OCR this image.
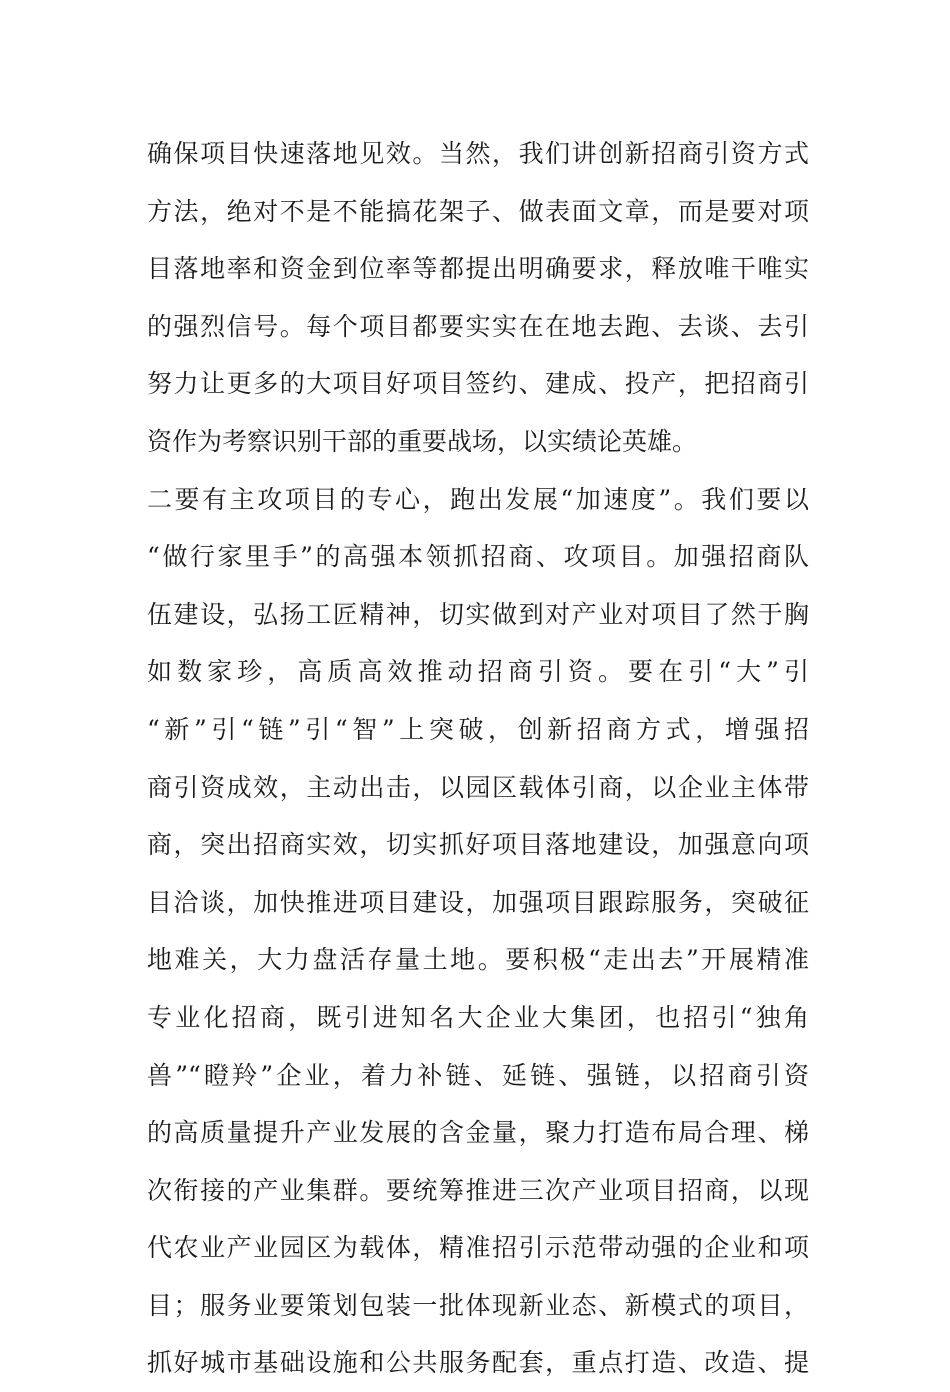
确保项目快速落地见效。当然，我们讲创新招商引资方式
方法，绝对不是不能搞花架子、做表面文章，而是要对项
目落地率和资金到位率等都提出明确要求，释放唯干唯实
的强烈信号。每个项目都要实实在在地去跑、去谈、去引
努力让更多的大项目好项目签约、建成、投产，把招商引
资作为考察识别干部的重要战场，以实绩论英雄。
二要有主攻项目的专心，跑出发展“加速度”。我们要以
“做行家里手”的高强本领抓招商、攻项目。加强招商队
伍建设，弘扬工匠精神，切实做到对产业对项目了然于胸
如数家珍，高质高效推动招商引资。要在引“大”引
“新”引“链”引“智”上突破，创新招商方式，增强招
商引资成效，主动出击，以园区载体引商，以企业主体带
商，突出招商实效，切实抓好项目落地建设，加强意向项
目洽谈，加快推进项目建设，加强项目跟踪服务，突破征
地难关，大力盘活存量土地。要积极“走出去”开展精准
专业化招商，既引进知名大企业大集团，也招引“独角
兽”“瞪羚”企业，着力补链、延链、强链，以招商引资
的高质量提升产业发展的含金量，聚力打造布局合理、梯
次衔接的产业集群。要统筹推进三次产业项目招商，以现
代农业产业园区为载体，精准招引示范带动强的企业和项
目；服务业要策划包装一批体现新业态、新模式的项目，
抓好城市基础设施和公共服务配套，重点打造、改造、提
